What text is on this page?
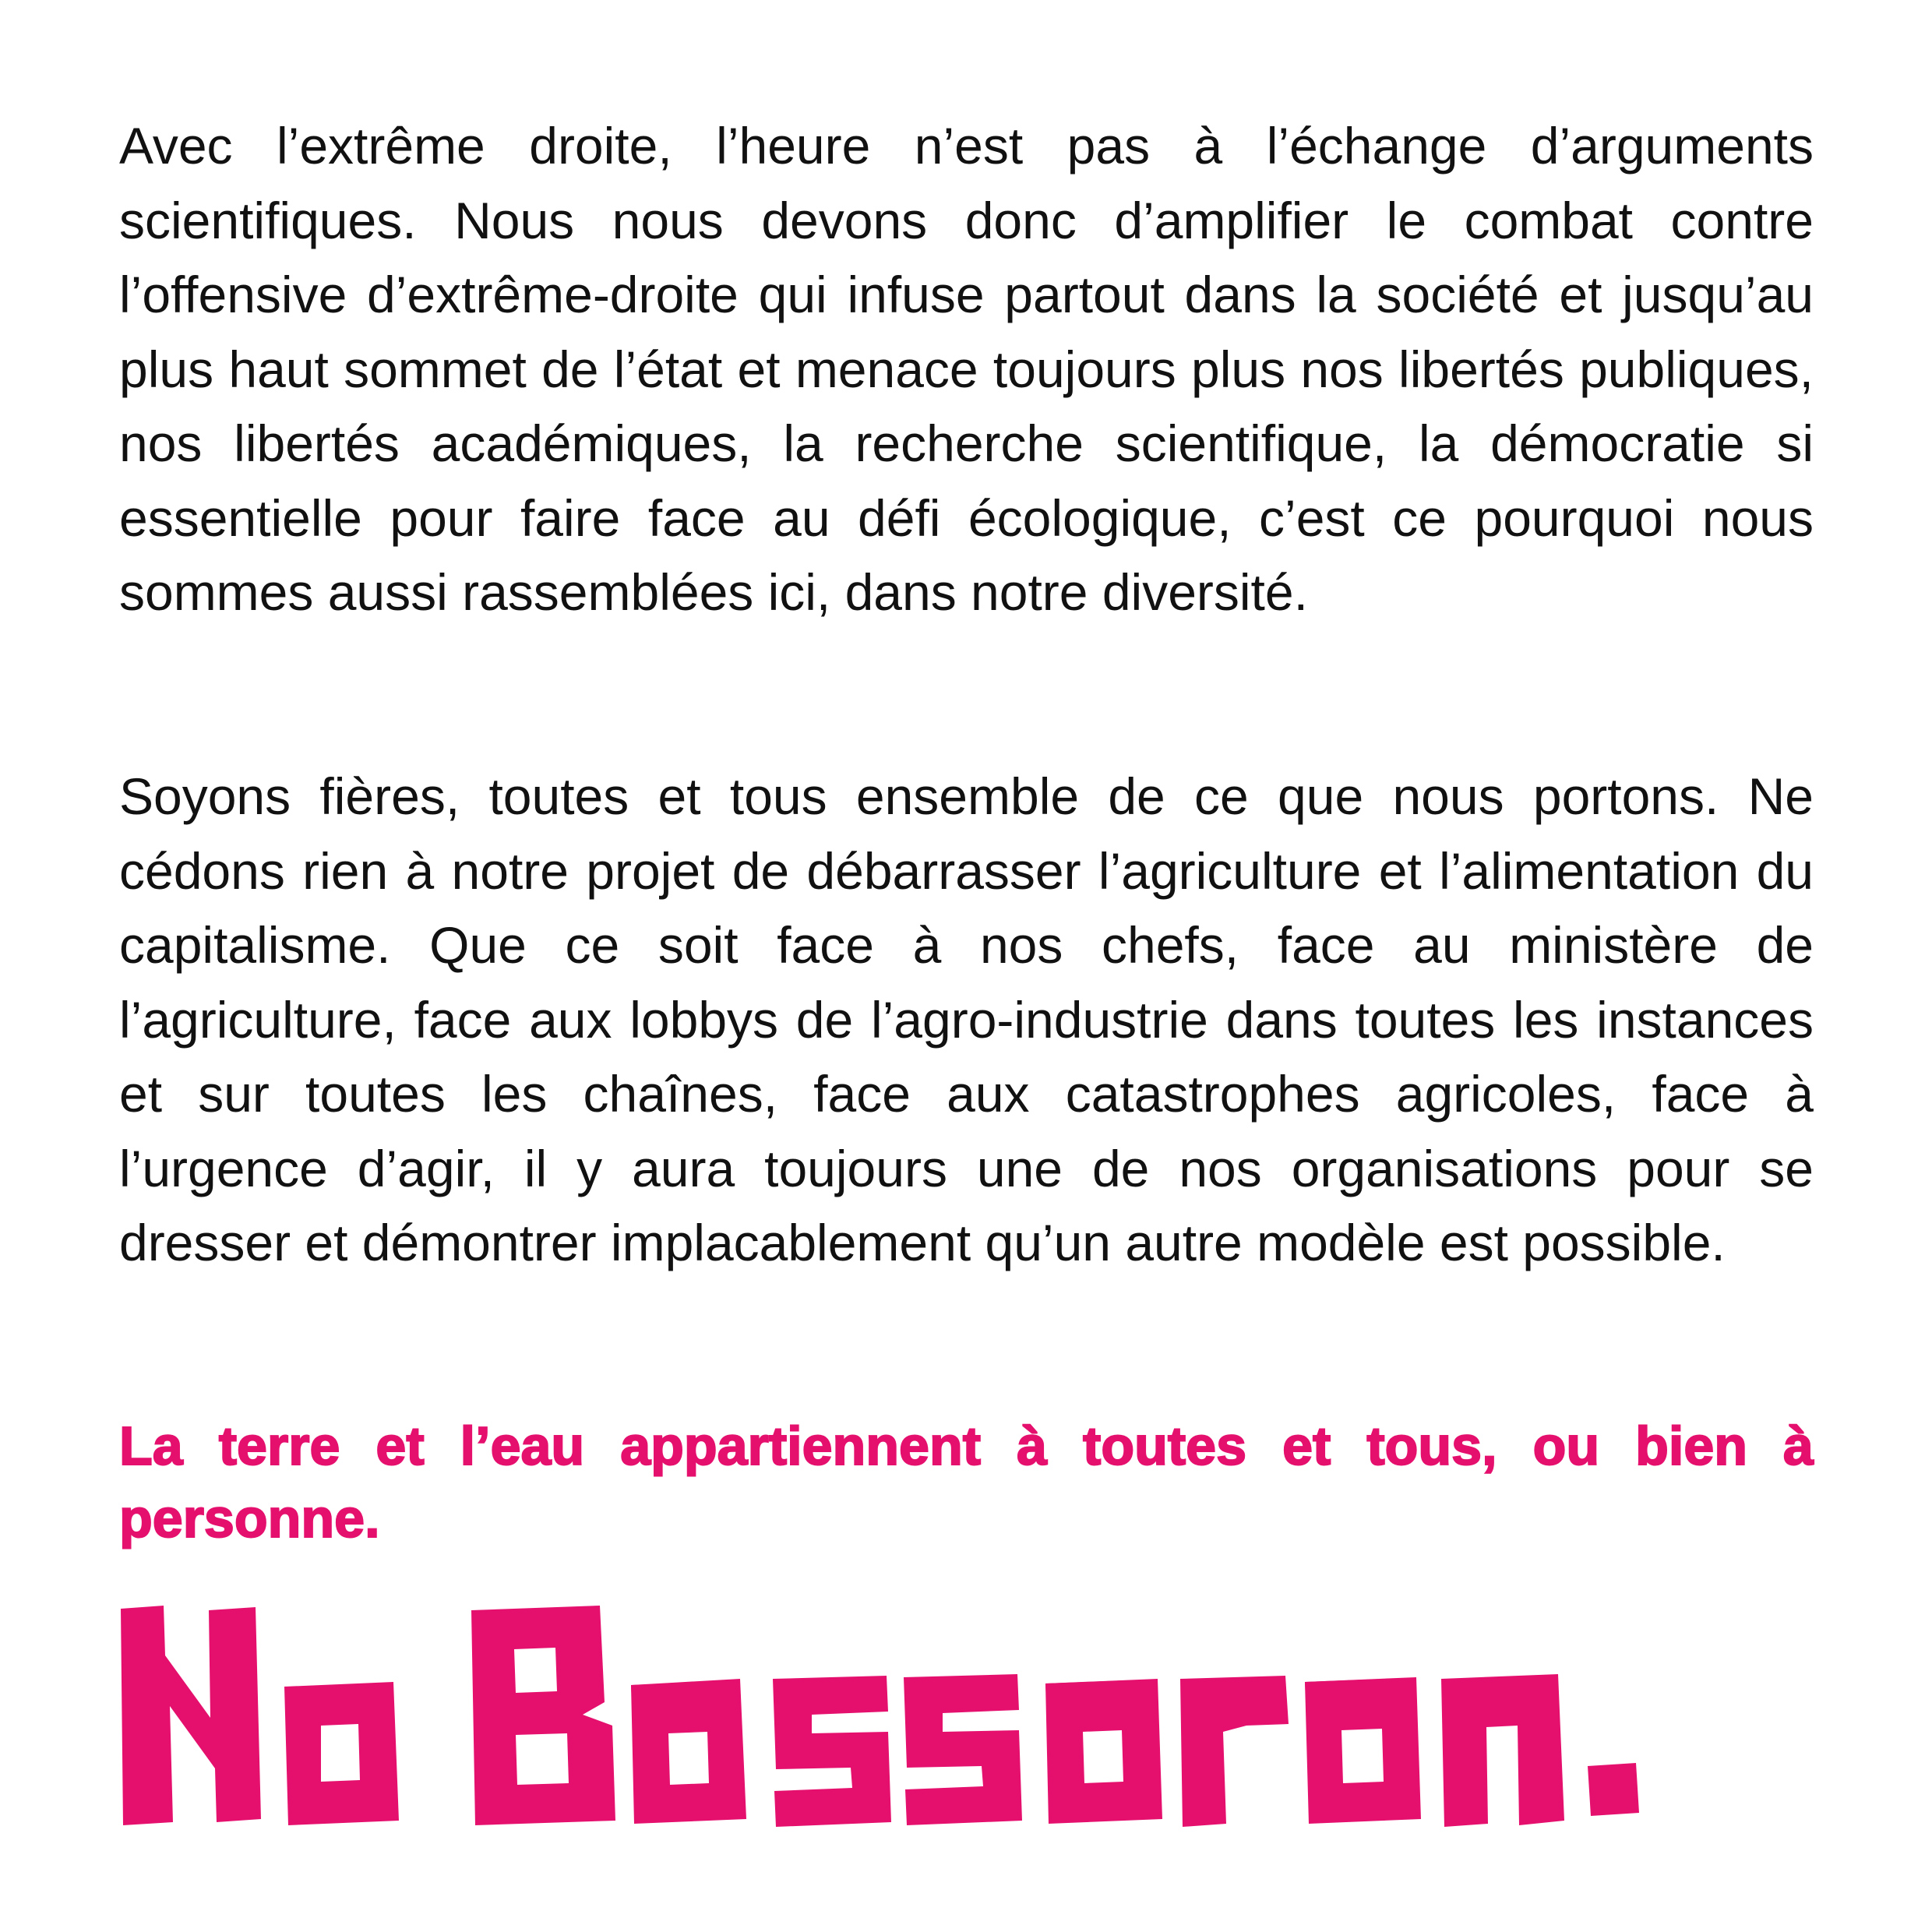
Avec l’extrême droite, l’heure n’est pas à l’échange d’arguments scientifiques. Nous nous devons donc d’amplifier le combat contre l’offensive d’extrême-droite qui infuse partout dans la société et jusqu’au plus haut sommet de l’état et menace toujours plus nos libertés publiques, nos libertés académiques, la recherche scientifique, la démocratie si essentielle pour faire face au défi écologique, c’est ce pourquoi nous sommes aussi rassemblées ici, dans notre diversité.

Soyons fières, toutes et tous ensemble de ce que nous portons. Ne cédons rien à notre projet de débarrasser l’agriculture et l’alimentation du capitalisme. Que ce soit face à nos chefs, face au ministère de l’agriculture, face aux lobbys de l’agro-industrie dans toutes les instances et sur toutes les chaînes, face aux catastrophes agricoles, face à l’urgence d’agir, il y aura toujours une de nos organisations pour se dresser et démontrer implacablement qu’un autre modèle est possible.

La terre et l’eau appartiennent à toutes et tous, ou bien à personne.

No Bassaran.
